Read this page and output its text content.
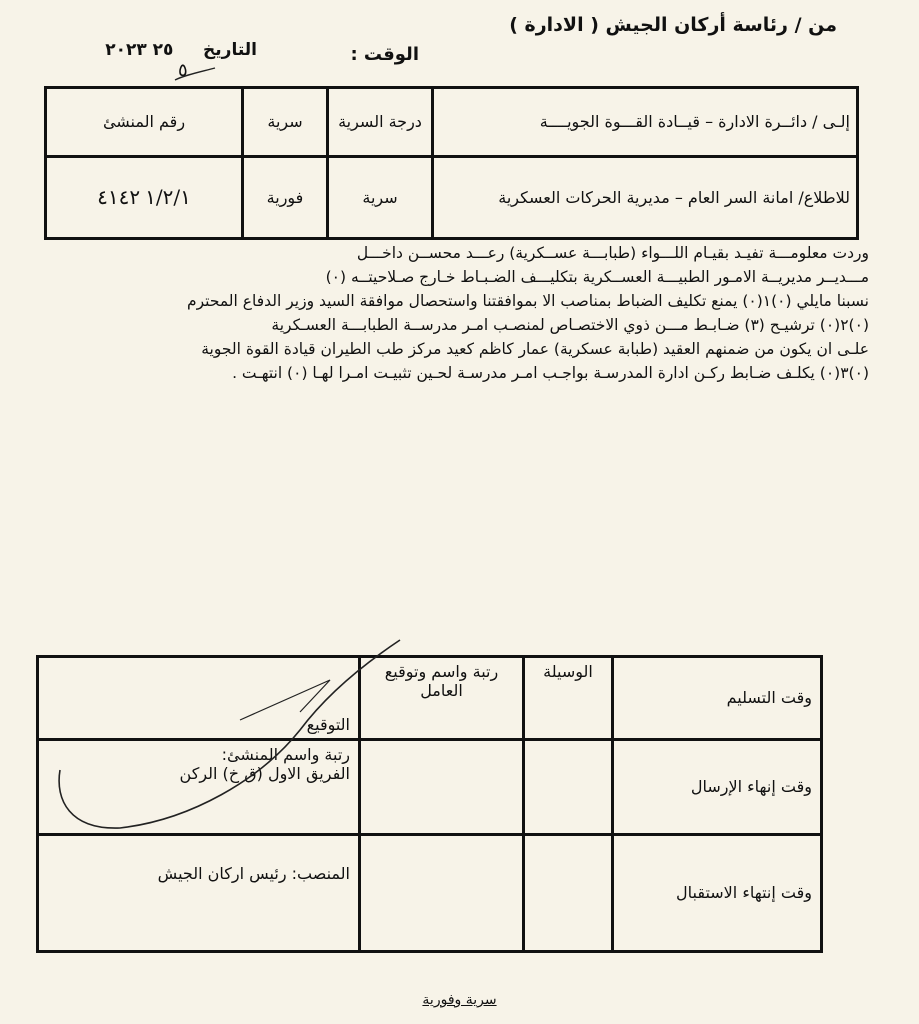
من / رئاسة أركان الجيش ( الادارة )
الوقت :
التاريخ     ٢٥ ٢٠٢٣
٥
إلـى / دائــرة الادارة – قيــادة القـــوة الجويــــة	درجة السرية	سرية	رقم المنشئ
للاطلاع/ امانة السر العام – مديرية الحركات العسكرية	سرية	فورية	١/٢/١ ٤١٤٢

وردت معلومـــة تفيـد بقيـام اللـــواء (طبابـــة عســكرية) رعـــد محســن داخـــل

مـــديــر مديريــة الامـور الطبيـــة العســكرية بتكليـــف الضـبـاط خـارج صـلاحيتــه (٠)

نسبنا مايلي (٠)١(٠) يمنع تكليف الضباط بمناصب الا بموافقتنا واستحصال موافقة السيد وزير الدفاع المحترم

(٠)٢(٠) ترشيـح (٣) ضـابـط مـــن ذوي الاختصـاص لمنصـب امـر مدرســة الطبابـــة العسـكرية

علـى ان يكون من ضمنهم العقيد (طبابة عسكرية) عمار كاظم كعيد مركز طب الطيران قيادة القوة الجوية

(٠)٣(٠) يكلـف ضـابط ركـن ادارة المدرسـة بواجـب امـر مدرسـة لحـين تثبيـت امـرا لهـا (٠) انتهـت .

وقت التسليم	الوسيلة	رتبة واسم وتوقيع العامل	التوقيع
وقت إنهاء الإرسال			رتبة واسم المنشئ:
الفريق الاول (ق خ) الركن

وقت إنتهاء الاستقبال			المنصب: رئيس اركان الجيش
سرية وفورية
